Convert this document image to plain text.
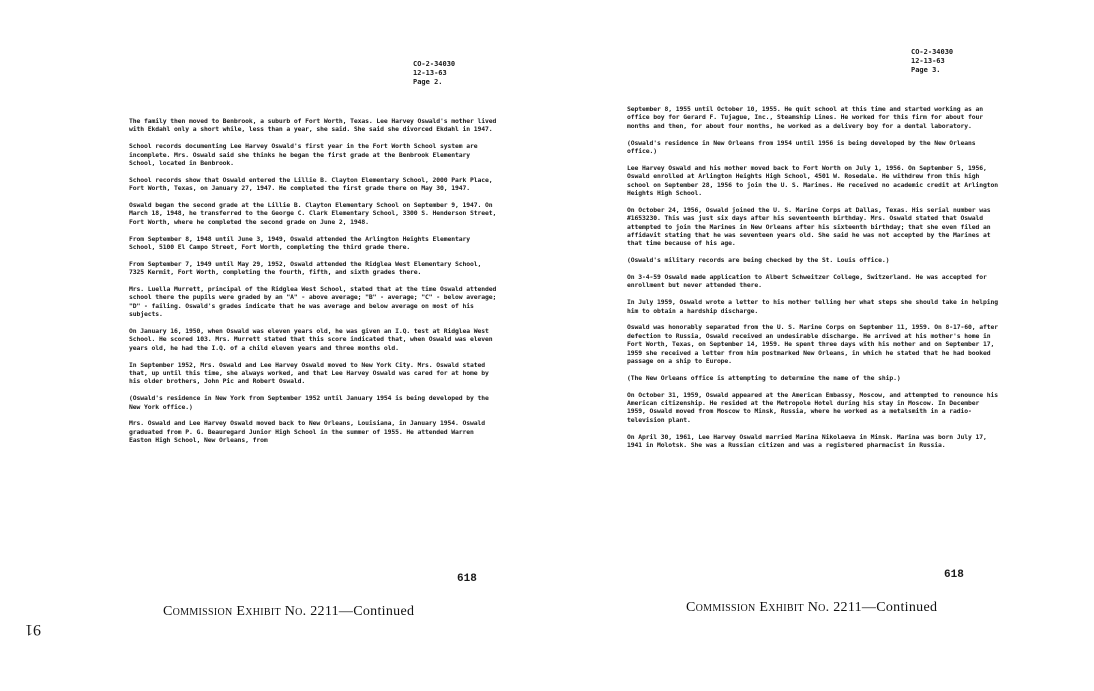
CO-2-34030
12-13-63
Page 2.

The family then moved to Benbrook, a suburb of Fort Worth, Texas. Lee Harvey Oswald's mother lived with Ekdahl only a short while, less than a year, she said. She said she divorced Ekdahl in 1947.

School records documenting Lee Harvey Oswald's first year in the Fort Worth School system are incomplete. Mrs. Oswald said she thinks he began the first grade at the Benbrook Elementary School, located in Benbrook.

School records show that Oswald entered the Lillie B. Clayton Elementary School, 2000 Park Place, Fort Worth, Texas, on January 27, 1947. He completed the first grade there on May 30, 1947.

Oswald began the second grade at the Lillie B. Clayton Elementary School on September 9, 1947. On March 18, 1948, he transferred to the George C. Clark Elementary School, 3300 S. Henderson Street, Fort Worth, where he completed the second grade on June 2, 1948.

From September 8, 1948 until June 3, 1949, Oswald attended the Arlington Heights Elementary School, 5100 El Campo Street, Fort Worth, completing the third grade there.

From September 7, 1949 until May 29, 1952, Oswald attended the Ridglea West Elementary School, 7325 Kermit, Fort Worth, completing the fourth, fifth, and sixth grades there.

Mrs. Luella Murrett, principal of the Ridglea West School, stated that at the time Oswald attended school there the pupils were graded by an "A" - above average; "B" - average; "C" - below average; "D" - failing. Oswald's grades indicate that he was average and below average on most of his subjects.

On January 16, 1950, when Oswald was eleven years old, he was given an I.Q. test at Ridglea West School. He scored 103. Mrs. Murrett stated that this score indicated that, when Oswald was eleven years old, he had the I.Q. of a child eleven years and three months old.

In September 1952, Mrs. Oswald and Lee Harvey Oswald moved to New York City. Mrs. Oswald stated that, up until this time, she always worked, and that Lee Harvey Oswald was cared for at home by his older brothers, John Pic and Robert Oswald.

(Oswald's residence in New York from September 1952 until January 1954 is being developed by the New York office.)

Mrs. Oswald and Lee Harvey Oswald moved back to New Orleans, Louisiana, in January 1954. Oswald graduated from P. G. Beauregard Junior High School in the summer of 1955. He attended Warren Easton High School, New Orleans, from

618
Commission Exhibit No. 2211—Continued
91
CO-2-34030
12-13-63
Page 3.

September 8, 1955 until October 10, 1955. He quit school at this time and started working as an office boy for Gerard F. Tujague, Inc., Steamship Lines. He worked for this firm for about four months and then, for about four months, he worked as a delivery boy for a dental laboratory.

(Oswald's residence in New Orleans from 1954 until 1956 is being developed by the New Orleans office.)

Lee Harvey Oswald and his mother moved back to Fort Worth on July 1, 1956. On September 5, 1956, Oswald enrolled at Arlington Heights High School, 4501 W. Rosedale. He withdrew from this high school on September 28, 1956 to join the U. S. Marines. He received no academic credit at Arlington Heights High School.

On October 24, 1956, Oswald joined the U. S. Marine Corps at Dallas, Texas. His serial number was #1653230. This was just six days after his seventeenth birthday. Mrs. Oswald stated that Oswald attempted to join the Marines in New Orleans after his sixteenth birthday; that she even filed an affidavit stating that he was seventeen years old. She said he was not accepted by the Marines at that time because of his age.

(Oswald's military records are being checked by the St. Louis office.)

On 3-4-59 Oswald made application to Albert Schweitzer College, Switzerland. He was accepted for enrollment but never attended there.

In July 1959, Oswald wrote a letter to his mother telling her what steps she should take in helping him to obtain a hardship discharge.

Oswald was honorably separated from the U. S. Marine Corps on September 11, 1959. On 8-17-60, after defection to Russia, Oswald received an undesirable discharge. He arrived at his mother's home in Fort Worth, Texas, on September 14, 1959. He spent three days with his mother and on September 17, 1959 she received a letter from him postmarked New Orleans, in which he stated that he had booked passage on a ship to Europe.

(The New Orleans office is attempting to determine the name of the ship.)

On October 31, 1959, Oswald appeared at the American Embassy, Moscow, and attempted to renounce his American citizenship. He resided at the Metropole Hotel during his stay in Moscow. In December 1959, Oswald moved from Moscow to Minsk, Russia, where he worked as a metalsmith in a radio-television plant.

On April 30, 1961, Lee Harvey Oswald married Marina Nikolaeva in Minsk. Marina was born July 17, 1941 in Molotsk. She was a Russian citizen and was a registered pharmacist in Russia.

618
Commission Exhibit No. 2211—Continued
